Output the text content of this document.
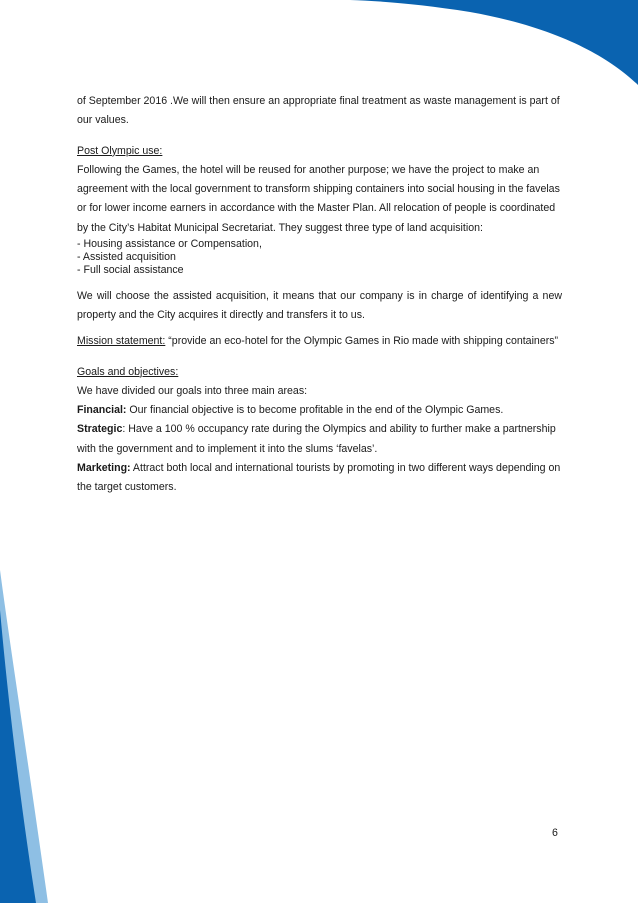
of September 2016 .We will then ensure an appropriate final treatment as waste management is part of our values.

Post Olympic use:

Following the Games, the hotel will be reused for another purpose; we have the project to make an agreement with the local government to transform shipping containers into social housing in the favelas or for lower income earners in accordance with the Master Plan. All relocation of people is coordinated by the City’s Habitat Municipal Secretariat. They suggest three type of land acquisition:

- Housing assistance or Compensation,
- Assisted acquisition
- Full social assistance

We will choose the assisted acquisition, it means that our company is in charge of identifying a new property and the City acquires it directly and transfers it to us.

Mission statement: “provide an eco-hotel for the Olympic Games in Rio made with shipping containers”

Goals and objectives:

We have divided our goals into three main areas:

Financial: Our financial objective is to become profitable in the end of the Olympic Games.

Strategic: Have a 100 % occupancy rate during the Olympics and ability to further make a partnership with the government and to implement it into the slums ‘favelas’.

Marketing: Attract both local and international tourists by promoting in two different ways depending on the target customers.

6
